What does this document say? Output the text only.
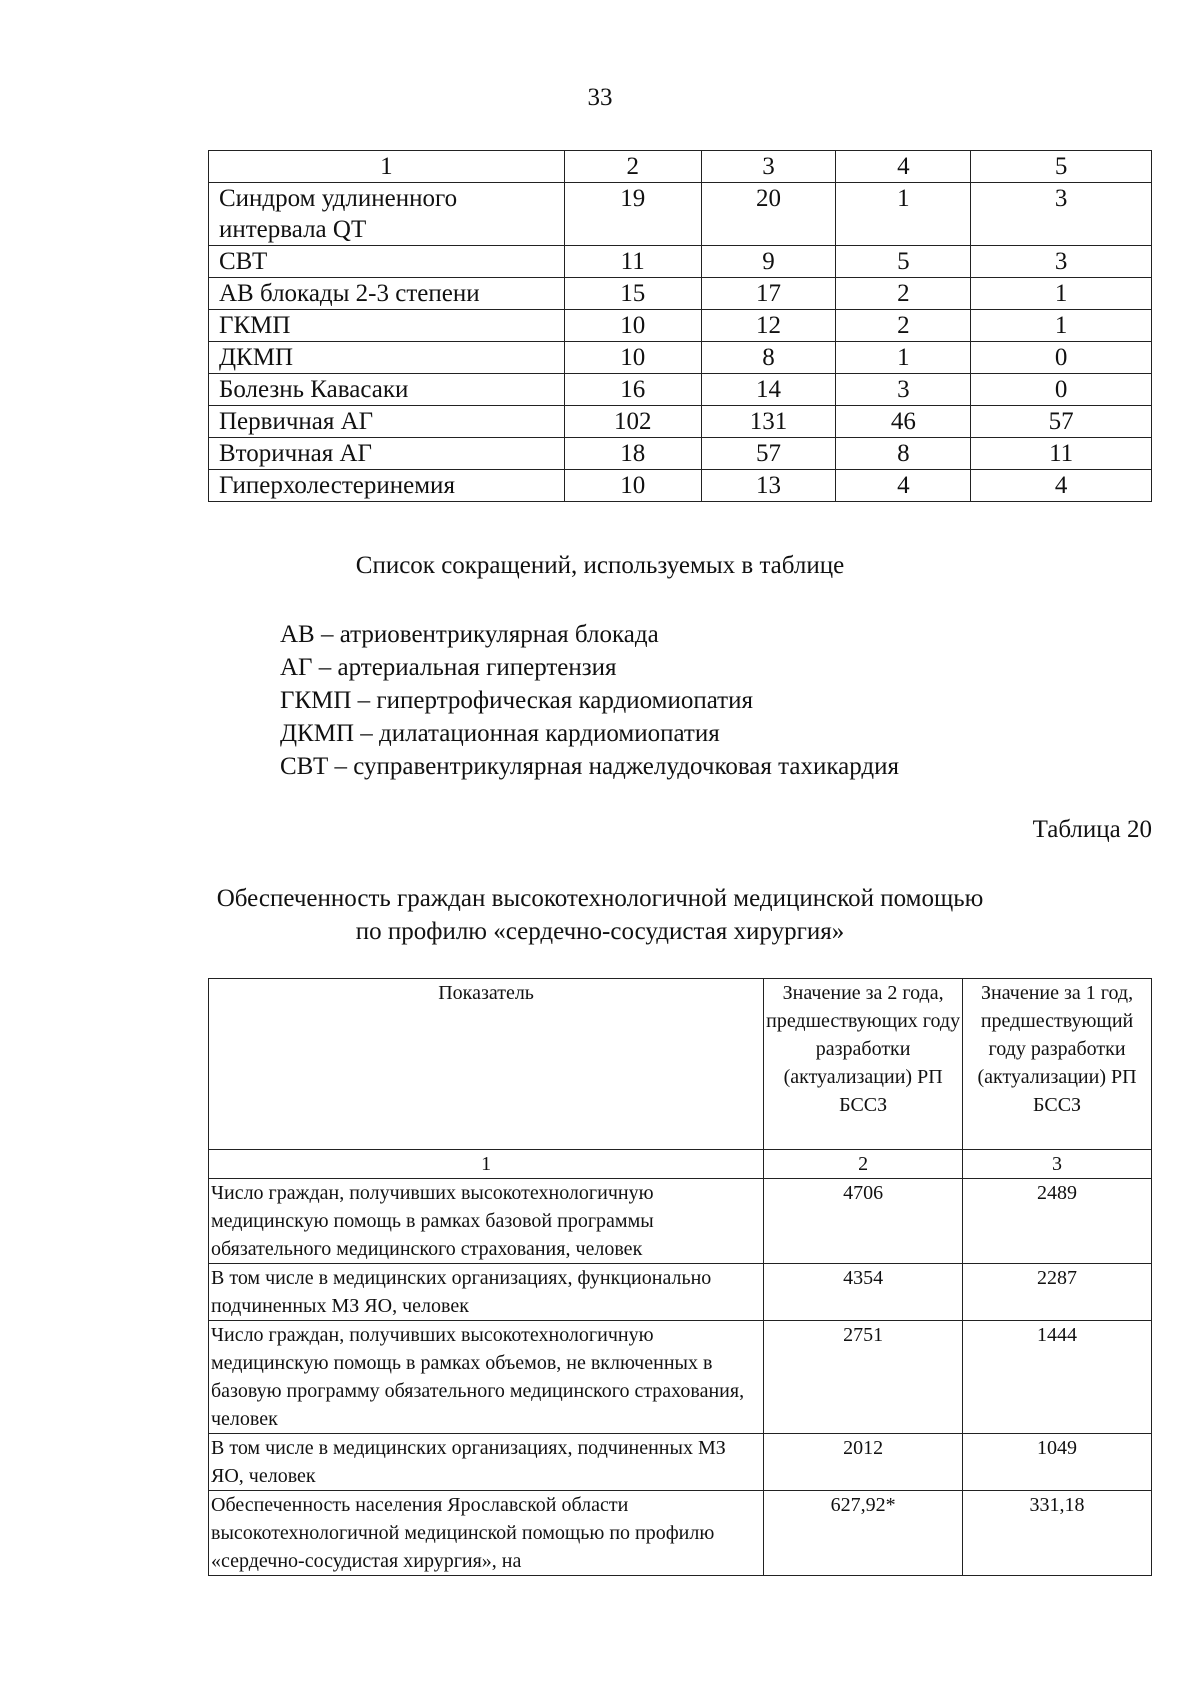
33
1	2	3	4	5
Синдром удлиненного интервала QT	19	20	1	3
СВТ	11	9	5	3
АВ блокады 2-3 степени	15	17	2	1
ГКМП	10	12	2	1
ДКМП	10	8	1	0
Болезнь Кавасаки	16	14	3	0
Первичная АГ	102	131	46	57
Вторичная АГ	18	57	8	11
Гиперхолестеринемия	10	13	4	4
Список сокращений, используемых в таблице
АВ – атриовентрикулярная блокада
АГ – артериальная гипертензия
ГКМП – гипертрофическая кардиомиопатия
ДКМП – дилатационная кардиомиопатия
СВТ – суправентрикулярная наджелудочковая тахикардия
Таблица 20
Обеспеченность граждан высокотехнологичной медицинской помощью
по профилю «сердечно-сосудистая хирургия»
Показатель	Значение за 2 года, предшествующих году разработки (актуализации) РП БССЗ	Значение за 1 год, предшествующий году разработки (актуализации) РП БССЗ
1	2	3
Число граждан, получивших высокотехнологичную медицинскую помощь в рамках базовой программы обязательного медицинского страхования, человек	4706	2489
В том числе в медицинских организациях, функционально подчиненных МЗ ЯО, человек	4354	2287
Число граждан, получивших высокотехнологичную медицинскую помощь в рамках объемов, не включенных в базовую программу обязательного медицинского страхования, человек	2751	1444
В том числе в медицинских организациях, подчиненных МЗ ЯО, человек	2012	1049
Обеспеченность населения Ярославской области высокотехнологичной медицинской помощью по профилю «сердечно-сосудистая хирургия», на	627,92*	331,18
